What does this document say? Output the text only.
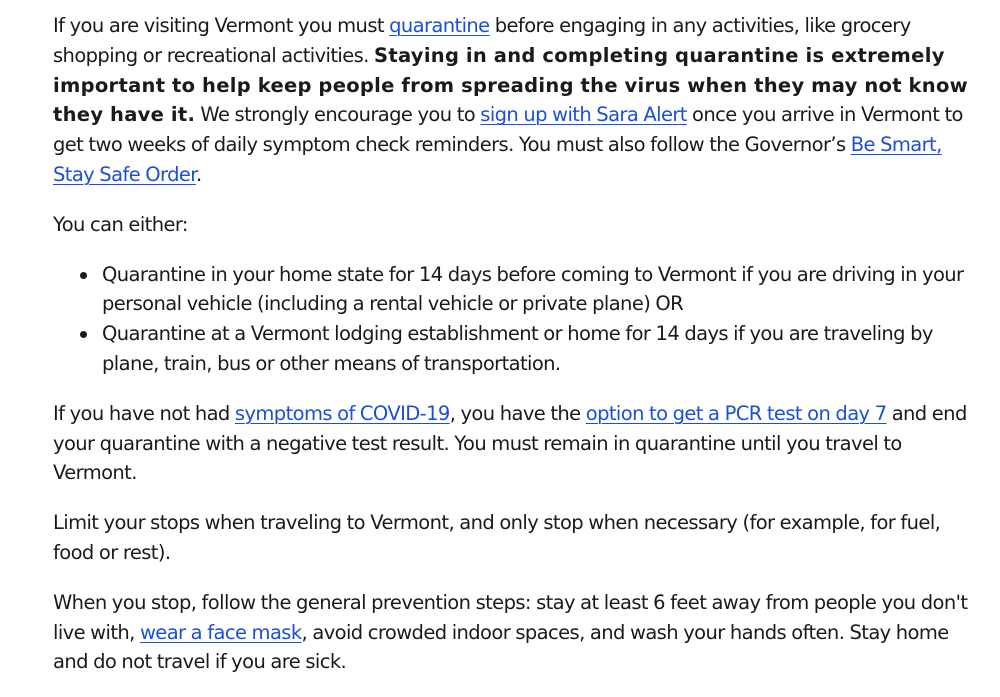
If you are visiting Vermont you must quarantine before engaging in any activities, like grocery shopping or recreational activities. Staying in and completing quarantine is extremely important to help keep people from spreading the virus when they may not know they have it. We strongly encourage you to sign up with Sara Alert once you arrive in Vermont to get two weeks of daily symptom check reminders. You must also follow the Governor’s Be Smart, Stay Safe Order.

You can either:

Quarantine in your home state for 14 days before coming to Vermont if you are driving in your personal vehicle (including a rental vehicle or private plane) OR
Quarantine at a Vermont lodging establishment or home for 14 days if you are traveling by plane, train, bus or other means of transportation.

If you have not had symptoms of COVID-19, you have the option to get a PCR test on day 7 and end your quarantine with a negative test result. You must remain in quarantine until you travel to Vermont.

Limit your stops when traveling to Vermont, and only stop when necessary (for example, for fuel, food or rest).

When you stop, follow the general prevention steps: stay at least 6 feet away from people you don't live with, wear a face mask, avoid crowded indoor spaces, and wash your hands often. Stay home and do not travel if you are sick.
